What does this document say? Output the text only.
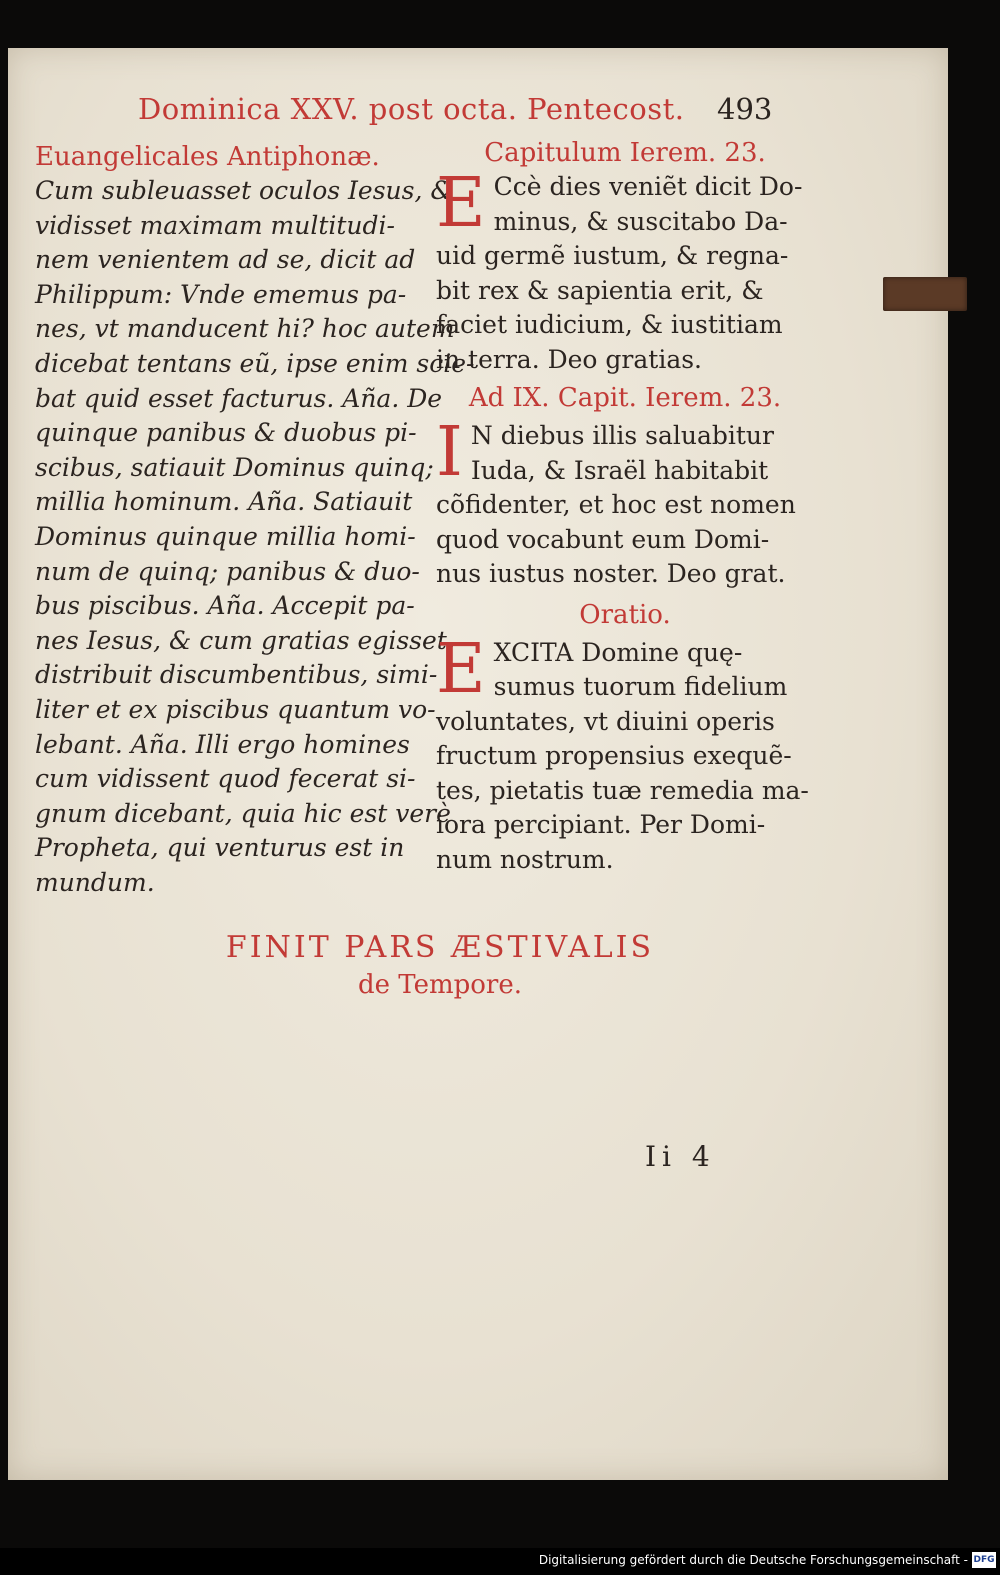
Dominica XXV. post octa. Pentecost. 493
Euangelicales Antiphonæ.
Cum subleuasset oculos Iesus, &
vidisset maximam multitudi-
nem venientem ad se, dicit ad
Philippum: Vnde ememus pa-
nes, vt manducent hi? hoc autem
dicebat tentans eũ, ipse enim scie-
bat quid esset facturus. Aña. De
quinque panibus & duobus pi-
scibus, satiauit Dominus quinq;
millia hominum. Aña. Satiauit
Dominus quinque millia homi-
num de quinq; panibus & duo-
bus piscibus. Aña. Accepit pa-
nes Iesus, & cum gratias egisset,
distribuit discumbentibus, simi-
liter et ex piscibus quantum vo-
lebant. Aña. Illi ergo homines
cum vidissent quod fecerat si-
gnum dicebant, quia hic est verè
Propheta, qui venturus est in
mundum.
Capitulum Ierem. 23.
E Ccè dies veniẽt dicit Do-
minus, & suscitabo Da-
uid germẽ iustum, & regna-
bit rex & sapientia erit, &
faciet iudicium, & iustitiam
in terra. Deo gratias.
Ad IX. Capit. Ierem. 23.
I N diebus illis saluabitur
Iuda, & Israël habitabit
cõfidenter, et hoc est nomen
quod vocabunt eum Domi-
nus iustus noster. Deo grat.
Oratio.
E XCITA Domine quę-
sumus tuorum fidelium
voluntates, vt diuini operis
fructum propensius exequẽ-
tes, pietatis tuæ remedia ma-
iora percipiant. Per Domi-
num nostrum.
FINIT PARS ÆSTIVALIS
de Tempore.
Ii 4
Digitalisierung gefördert durch die Deutsche Forschungsgemeinschaft - DFG
